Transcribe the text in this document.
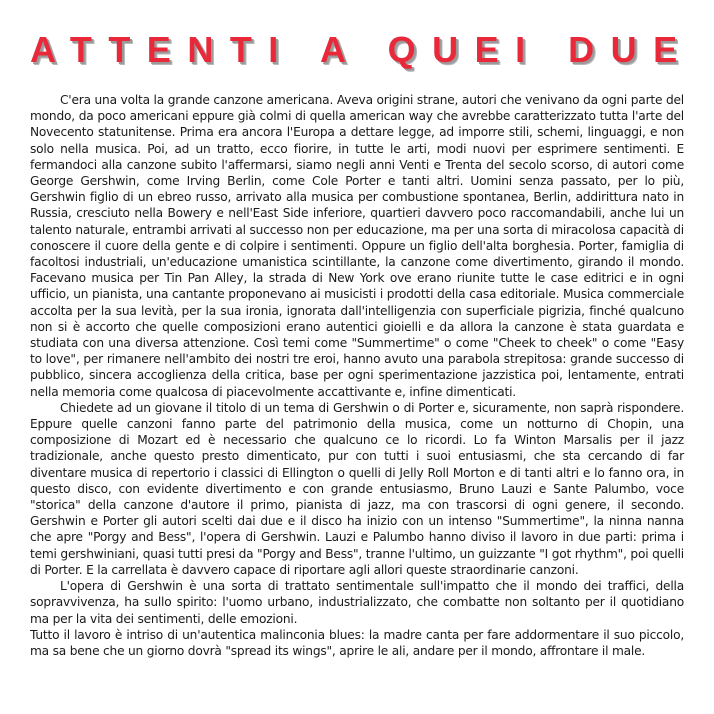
ATTENTI A QUEI DUE

C'era una volta la grande canzone americana. Aveva origini strane, autori che venivano da ogni parte del mondo, da poco americani eppure già colmi di quella american way che avrebbe caratterizzato tutta l'arte del Novecento statunitense. Prima era ancora l'Europa a dettare legge, ad imporre stili, schemi, linguaggi, e non solo nella musica. Poi, ad un tratto, ecco fiorire, in tutte le arti, modi nuovi per esprimere sentimenti. E fermandoci alla canzone subito l'affermarsi, siamo negli anni Venti e Trenta del secolo scorso, di autori come George Gershwin, come Irving Berlin, come Cole Porter e tanti altri. Uomini senza passato, per lo più, Gershwin figlio di un ebreo russo, arrivato alla musica per combustione spontanea, Berlin, addirittura nato in Russia, cresciuto nella Bowery e nell'East Side inferiore, quartieri davvero poco raccomandabili, anche lui un talento naturale, entrambi arrivati al successo non per educazione, ma per una sorta di miracolosa capacità di conoscere il cuore della gente e di colpire i sentimenti. Oppure un figlio dell'alta borghesia. Porter, famiglia di facoltosi industriali, un'educazione umanistica scintillante, la canzone come divertimento, girando il mondo. Facevano musica per Tin Pan Alley, la strada di New York ove erano riunite tutte le case editrici e in ogni ufficio, un pianista, una cantante proponevano ai musicisti i prodotti della casa editoriale. Musica commerciale accolta per la sua levità, per la sua ironia, ignorata dall'intelligenzia con superficiale pigrizia, finché qualcuno non si è accorto che quelle composizioni erano autentici gioielli e da allora la canzone è stata guardata e studiata con una diversa attenzione. Così temi come "Summertime" o come "Cheek to cheek" o come "Easy to love", per rimanere nell'ambito dei nostri tre eroi, hanno avuto una parabola strepitosa: grande successo di pubblico, sincera accoglienza della critica, base per ogni sperimentazione jazzistica poi, lentamente, entrati nella memoria come qualcosa di piacevolmente accattivante e, infine dimenticati.

Chiedete ad un giovane il titolo di un tema di Gershwin o di Porter e, sicuramente, non saprà rispondere. Eppure quelle canzoni fanno parte del patrimonio della musica, come un notturno di Chopin, una composizione di Mozart ed è necessario che qualcuno ce lo ricordi. Lo fa Winton Marsalis per il jazz tradizionale, anche questo presto dimenticato, pur con tutti i suoi entusiasmi, che sta cercando di far diventare musica di repertorio i classici di Ellington o quelli di Jelly Roll Morton e di tanti altri e lo fanno ora, in questo disco, con evidente divertimento e con grande entusiasmo, Bruno Lauzi e Sante Palumbo, voce "storica" della canzone d'autore il primo, pianista di jazz, ma con trascorsi di ogni genere, il secondo. Gershwin e Porter gli autori scelti dai due e il disco ha inizio con un intenso "Summertime", la ninna nanna che apre "Porgy and Bess", l'opera di Gershwin. Lauzi e Palumbo hanno diviso il lavoro in due parti: prima i temi gershwiniani, quasi tutti presi da "Porgy and Bess", tranne l'ultimo, un guizzante "I got rhythm", poi quelli di Porter. E la carrellata è davvero capace di riportare agli allori queste straordinarie canzoni.

L'opera di Gershwin è una sorta di trattato sentimentale sull'impatto che il mondo dei traffici, della sopravvivenza, ha sullo spirito: l'uomo urbano, industrializzato, che combatte non soltanto per il quotidiano ma per la vita dei sentimenti, delle emozioni.

Tutto il lavoro è intriso di un'autentica malinconia blues: la madre canta per fare addormentare il suo piccolo, ma sa bene che un giorno dovrà "spread its wings", aprire le ali, andare per il mondo, affrontare il male.
